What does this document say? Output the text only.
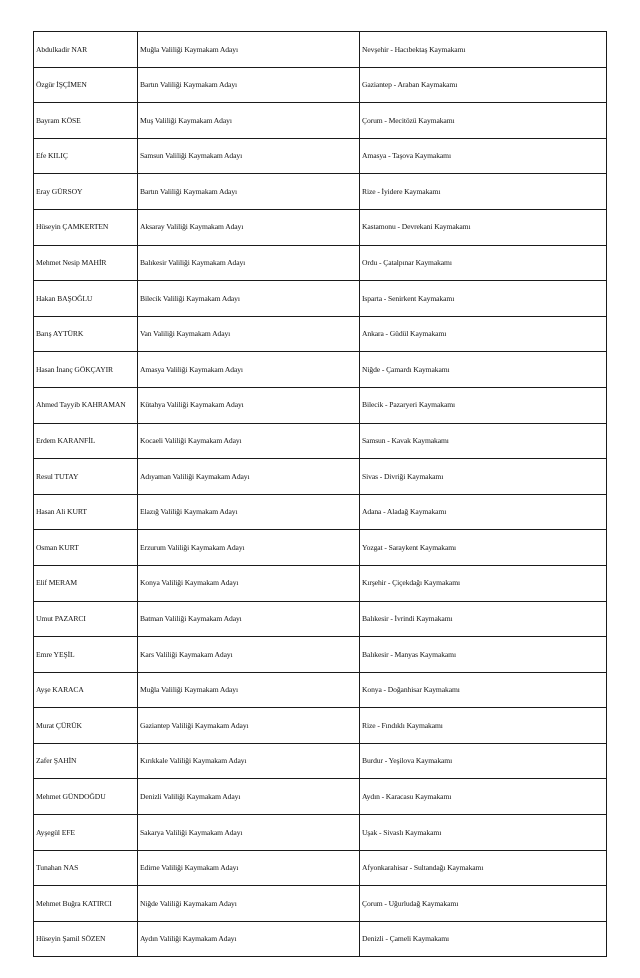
Abdulkadir NAR	Muğla Valiliği Kaymakam Adayı	Nevşehir - Hacıbektaş Kaymakamı
Özgür İŞÇİMEN	Bartın Valiliği Kaymakam Adayı	Gaziantep - Araban Kaymakamı
Bayram KÖSE	Muş Valiliği Kaymakam Adayı	Çorum - Mecitözü Kaymakamı
Efe KILIÇ	Samsun Valiliği Kaymakam Adayı	Amasya - Taşova Kaymakamı
Eray GÜRSOY	Bartın Valiliği Kaymakam Adayı	Rize - İyidere Kaymakamı
Hüseyin ÇAMKERTEN	Aksaray Valiliği Kaymakam Adayı	Kastamonu - Devrekani Kaymakamı
Mehmet Nesip MAHİR	Balıkesir Valiliği Kaymakam Adayı	Ordu - Çatalpınar Kaymakamı
Hakan BAŞOĞLU	Bilecik Valiliği Kaymakam Adayı	Isparta - Senirkent Kaymakamı
Barış AYTÜRK	Van Valiliği Kaymakam Adayı	Ankara - Güdül Kaymakamı
Hasan İnanç GÖKÇAYIR	Amasya Valiliği Kaymakam Adayı	Niğde - Çamardı Kaymakamı
Ahmed Tayyib KAHRAMAN	Kütahya Valiliği Kaymakam Adayı	Bilecik - Pazaryeri Kaymakamı
Erdem KARANFİL	Kocaeli Valiliği Kaymakam Adayı	Samsun - Kavak Kaymakamı
Resul TUTAY	Adıyaman Valiliği Kaymakam Adayı	Sivas - Divriği Kaymakamı
Hasan Ali KURT	Elazığ Valiliği Kaymakam Adayı	Adana - Aladağ Kaymakamı
Osman KURT	Erzurum Valiliği Kaymakam Adayı	Yozgat - Saraykent Kaymakamı
Elif MERAM	Konya Valiliği Kaymakam Adayı	Kırşehir - Çiçekdağı Kaymakamı
Umut PAZARCI	Batman Valiliği Kaymakam Adayı	Balıkesir - İvrindi Kaymakamı
Emre YEŞİL	Kars Valiliği Kaymakam Adayı	Balıkesir - Manyas Kaymakamı
Ayşe KARACA	Muğla Valiliği Kaymakam Adayı	Konya - Doğanhisar Kaymakamı
Murat ÇÜRÜK	Gaziantep Valiliği Kaymakam Adayı	Rize - Fındıklı Kaymakamı
Zafer ŞAHİN	Kırıkkale Valiliği Kaymakam Adayı	Burdur - Yeşilova Kaymakamı
Mehmet GÜNDOĞDU	Denizli Valiliği Kaymakam Adayı	Aydın - Karacasu Kaymakamı
Ayşegül EFE	Sakarya Valiliği Kaymakam Adayı	Uşak - Sivaslı Kaymakamı
Tunahan NAS	Edirne Valiliği Kaymakam Adayı	Afyonkarahisar - Sultandağı Kaymakamı
Mehmet Buğra KATIRCI	Niğde Valiliği Kaymakam Adayı	Çorum - Uğurludağ Kaymakamı
Hüseyin Şamil SÖZEN	Aydın Valiliği Kaymakam Adayı	Denizli - Çameli Kaymakamı
